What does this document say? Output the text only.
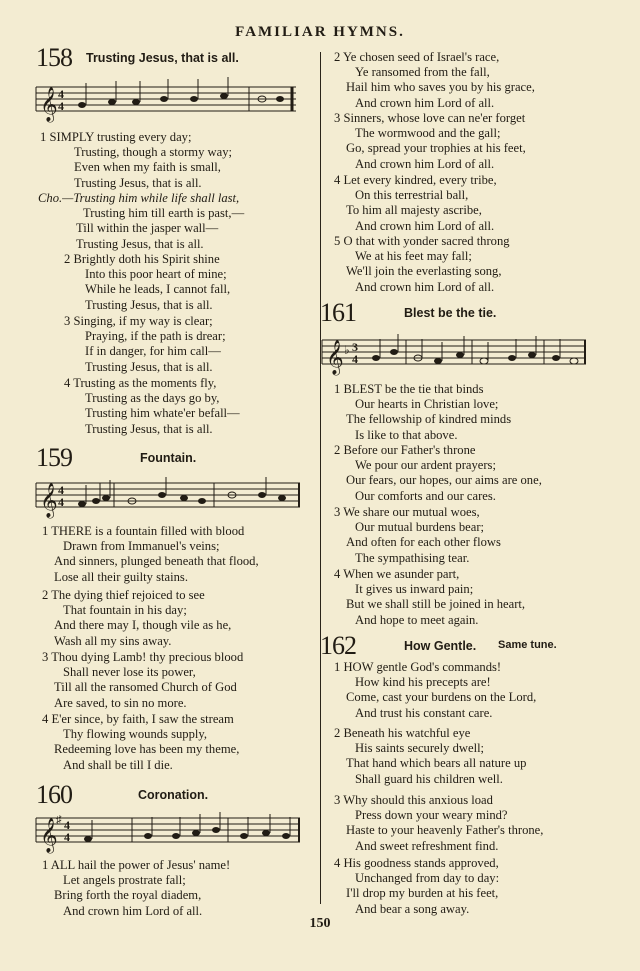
FAMILIAR HYMNS.
158 Trusting Jesus, that is all.
𝄞 4
4
1 SIMPLY trusting every day;
Trusting, though a stormy way;
Even when my faith is small,
Trusting Jesus, that is all.
Cho.—Trusting him while life shall last,
Trusting him till earth is past,—
Till within the jasper wall—
Trusting Jesus, that is all.
2 Brightly doth his Spirit shine
Into this poor heart of mine;
While he leads, I cannot fall,
Trusting Jesus, that is all.
3 Singing, if my way is clear;
Praying, if the path is drear;
If in danger, for him call—
Trusting Jesus, that is all.
4 Trusting as the moments fly,
Trusting as the days go by,
Trusting him whate'er befall—
Trusting Jesus, that is all.
159	Fountain.
𝄞 4
4
1 THERE is a fountain filled with blood
Drawn from Immanuel's veins;
And sinners, plunged beneath that flood,
Lose all their guilty stains.
2 The dying thief rejoiced to see
That fountain in his day;
And there may I, though vile as he,
Wash all my sins away.
3 Thou dying Lamb! thy precious blood
Shall never lose its power,
Till all the ransomed Church of God
Are saved, to sin no more.
4 E'er since, by faith, I saw the stream
Thy flowing wounds supply,
Redeeming love has been my theme,
And shall be till I die.
160	Coronation.
𝄞
♯ 4
4
1 ALL hail the power of Jesus' name!
Let angels prostrate fall;
Bring forth the royal diadem,
And crown him Lord of all.
2 Ye chosen seed of Israel's race,
Ye ransomed from the fall,
Hail him who saves you by his grace,
And crown him Lord of all.
3 Sinners, whose love can ne'er forget
The wormwood and the gall;
Go, spread your trophies at his feet,
And crown him Lord of all.
4 Let every kindred, every tribe,
On this terrestrial ball,
To him all majesty ascribe,
And crown him Lord of all.
5 O that with yonder sacred throng
We at his feet may fall;
We'll join the everlasting song,
And crown him Lord of all.
161	Blest be the tie.
𝄞 ♭ 3
4
1 BLEST be the tie that binds
Our hearts in Christian love;
The fellowship of kindred minds
Is like to that above.
2 Before our Father's throne
We pour our ardent prayers;
Our fears, our hopes, our aims are one,
Our comforts and our cares.
3 We share our mutual woes,
Our mutual burdens bear;
And often for each other flows
The sympathising tear.
4 When we asunder part,
It gives us inward pain;
But we shall still be joined in heart,
And hope to meet again.
162	How Gentle. Same tune.
1 HOW gentle God's commands!
How kind his precepts are!
Come, cast your burdens on the Lord,
And trust his constant care.
2 Beneath his watchful eye
His saints securely dwell;
That hand which bears all nature up
Shall guard his children well.
3 Why should this anxious load
Press down your weary mind?
Haste to your heavenly Father's throne,
And sweet refreshment find.
4 His goodness stands approved,
Unchanged from day to day:
I'll drop my burden at his feet,
And bear a song away.
150
